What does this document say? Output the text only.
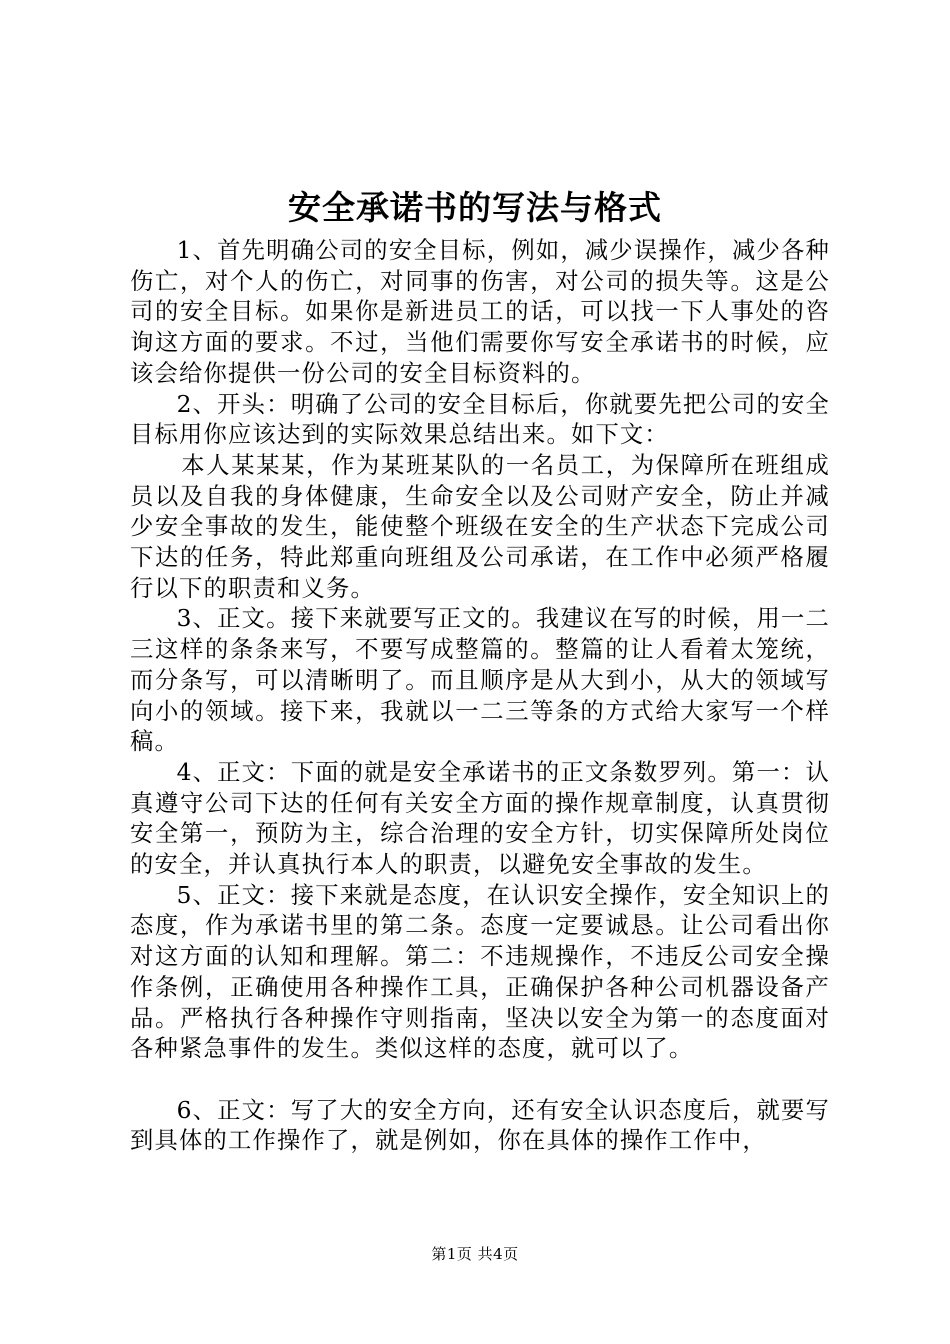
安全承诺书的写法与格式

1、首先明确公司的安全目标，例如，减少误操作，减少各种伤亡，对个人的伤亡，对同事的伤害，对公司的损失等。这是公司的安全目标。如果你是新进员工的话，可以找一下人事处的咨询这方面的要求。不过，当他们需要你写安全承诺书的时候，应该会给你提供一份公司的安全目标资料的。

2、开头：明确了公司的安全目标后，你就要先把公司的安全目标用你应该达到的实际效果总结出来。如下文：

本人某某某，作为某班某队的一名员工，为保障所在班组成员以及自我的身体健康，生命安全以及公司财产安全，防止并减少安全事故的发生，能使整个班级在安全的生产状态下完成公司下达的任务，特此郑重向班组及公司承诺，在工作中必须严格履行以下的职责和义务。

3、正文。接下来就要写正文的。我建议在写的时候，用一二三这样的条条来写，不要写成整篇的。整篇的让人看着太笼统，而分条写，可以清晰明了。而且顺序是从大到小，从大的领域写向小的领域。接下来，我就以一二三等条的方式给大家写一个样稿。

4、正文：下面的就是安全承诺书的正文条数罗列。第一：认真遵守公司下达的任何有关安全方面的操作规章制度，认真贯彻安全第一，预防为主，综合治理的安全方针，切实保障所处岗位的安全，并认真执行本人的职责，以避免安全事故的发生。

5、正文：接下来就是态度，在认识安全操作，安全知识上的态度，作为承诺书里的第二条。态度一定要诚恳。让公司看出你对这方面的认知和理解。第二：不违规操作，不违反公司安全操作条例，正确使用各种操作工具，正确保护各种公司机器设备产品。严格执行各种操作守则指南，坚决以安全为第一的态度面对各种紧急事件的发生。类似这样的态度，就可以了。

6、正文：写了大的安全方向，还有安全认识态度后，就要写到具体的工作操作了，就是例如，你在具体的操作工作中，

第1页 共4页
